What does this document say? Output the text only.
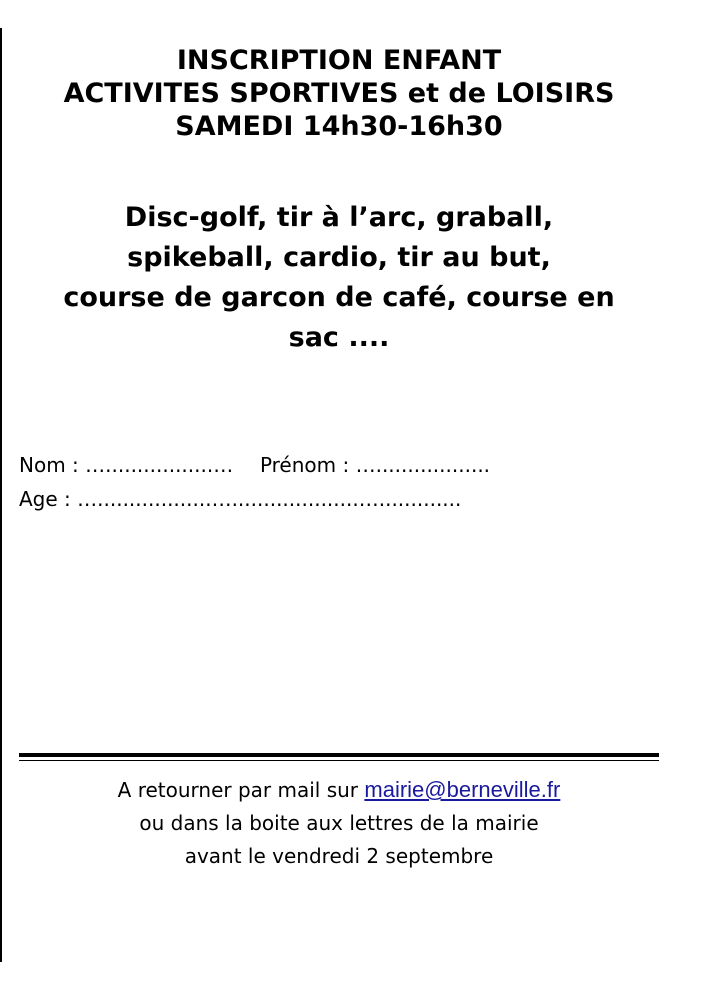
INSCRIPTION ENFANT
ACTIVITES SPORTIVES et de LOISIRS
SAMEDI 14h30-16h30
Disc-golf, tir à l’arc, graball,
spikeball, cardio, tir au but,
course de garcon de café, course en
sac ....
Nom : ….................… Prénom : …..................
Age : …..................…....................….............
A retourner par mail sur mairie@berneville.fr
ou dans la boite aux lettres de la mairie
avant le vendredi 2 septembre
